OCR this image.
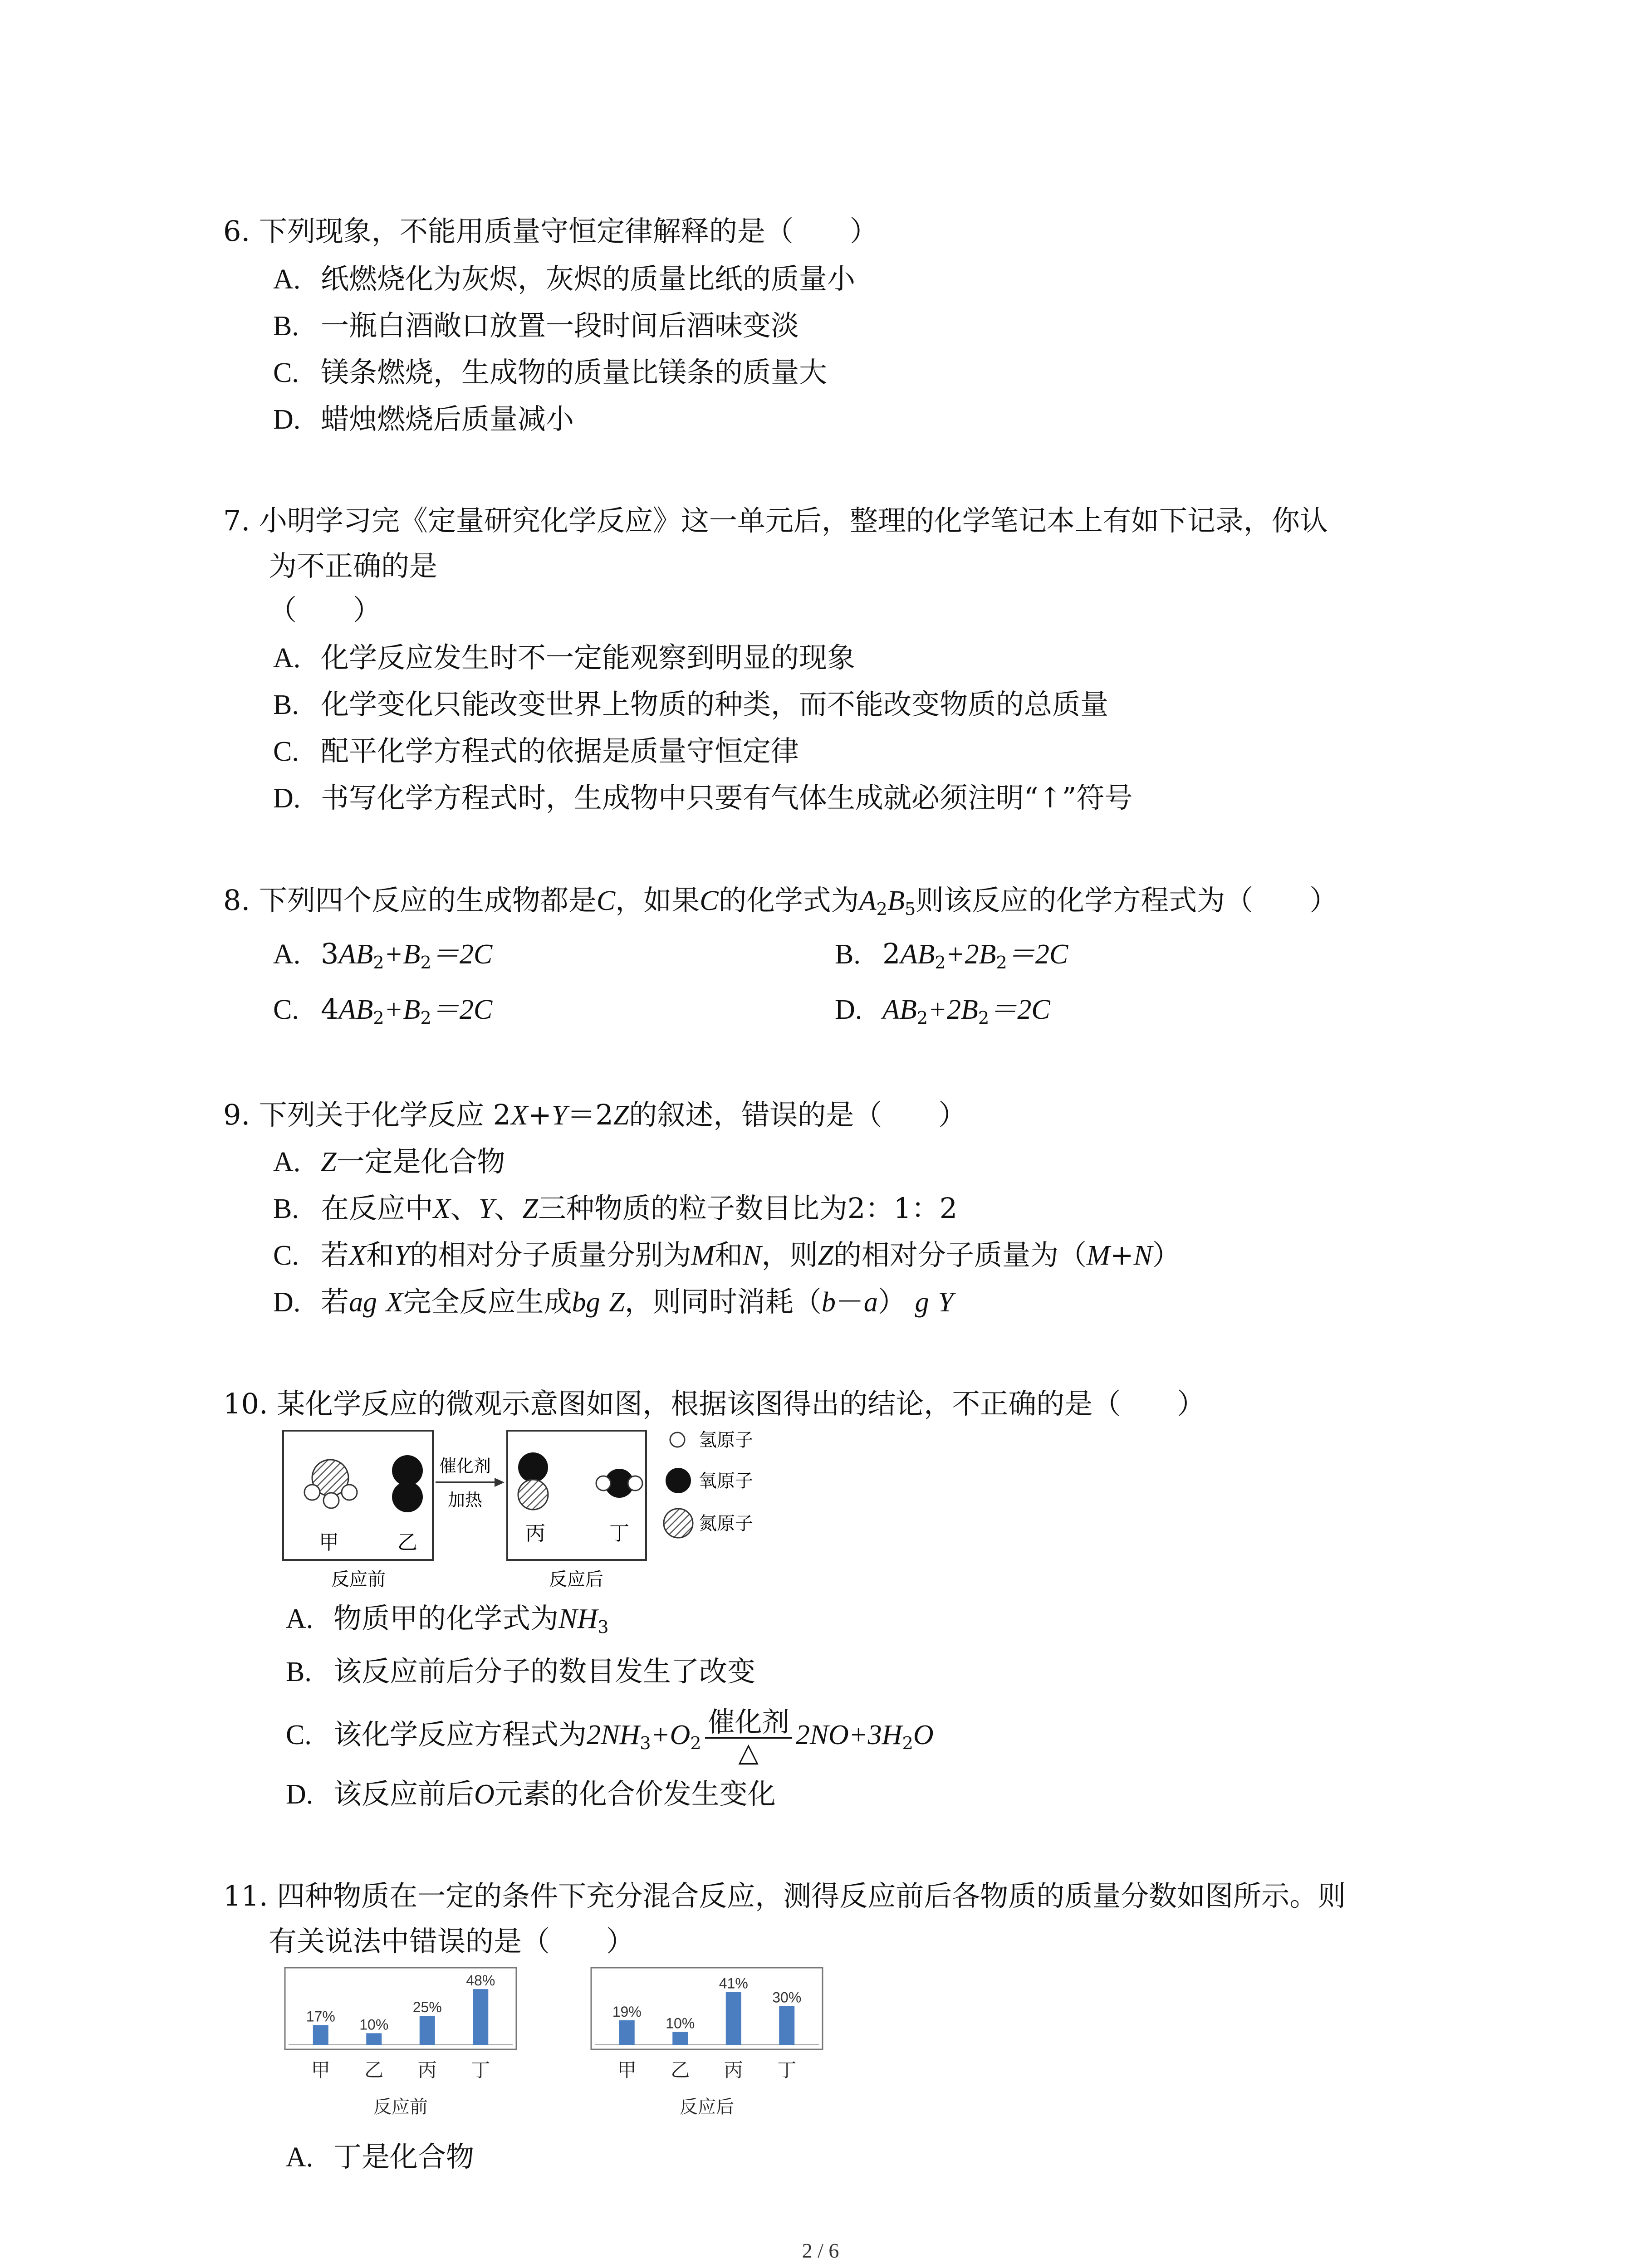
6. 下列现象，不能用质量守恒定律解释的是（　　）
A. 纸燃烧化为灰烬，灰烬的质量比纸的质量小
B. 一瓶白酒敞口放置一段时间后酒味变淡
C. 镁条燃烧，生成物的质量比镁条的质量大
D. 蜡烛燃烧后质量减小
7. 小明学习完《定量研究化学反应》这一单元后，整理的化学笔记本上有如下记录，你认
为不正确的是
（　　）
A. 化学反应发生时不一定能观察到明显的现象
B. 化学变化只能改变世界上物质的种类，而不能改变物质的总质量
C. 配平化学方程式的依据是质量守恒定律
D. 书写化学方程式时，生成物中只要有气体生成就必须注明“↑”符号
8. 下列四个反应的生成物都是C，如果C的化学式为$A_2B_5$则该反应的化学方程式为（　　）
A. $3AB_2+B_2=2C$	B. $2AB_2+2B_2=2C$
C. $4AB_2+B_2=2C$	D. $AB_2+2B_2=2C$
9. 下列关于化学反应 2X+Y＝2Z的叙述，错误的是（　　）
A. Z一定是化合物
B. 在反应中X、Y、Z三种物质的粒子数目比为2：1：2
C. 若X和Y的相对分子质量分别为M和N，则Z的相对分子质量为（M+N）
D. 若ag X完全反应生成bg Z，则同时消耗（b－a） g Y
10. 某化学反应的微观示意图如图，根据该图得出的结论，不正确的是（　　）
甲	乙
催化剂
加热
丙	丁
反应前	反应后
氢原子
氧原子
氮原子
A. 物质甲的化学式为$NH_3$
B. 该反应前后分子的数目发生了改变
C. 该化学反应方程式为$2NH_3+O_2 \frac{\text{催化剂}}{\triangle} 2NO+3H_2O$
D. 该反应前后O元素的化合价发生变化
11. 四种物质在一定的条件下充分混合反应，测得反应前后各物质的质量分数如图所示。则
有关说法中错误的是（　　）
17%
甲
10%
乙
25%
丙
48%
丁
反应前
19%
甲
10%
乙
41%
丙
30%
丁
反应后
A. 丁是化合物
2 / 6
